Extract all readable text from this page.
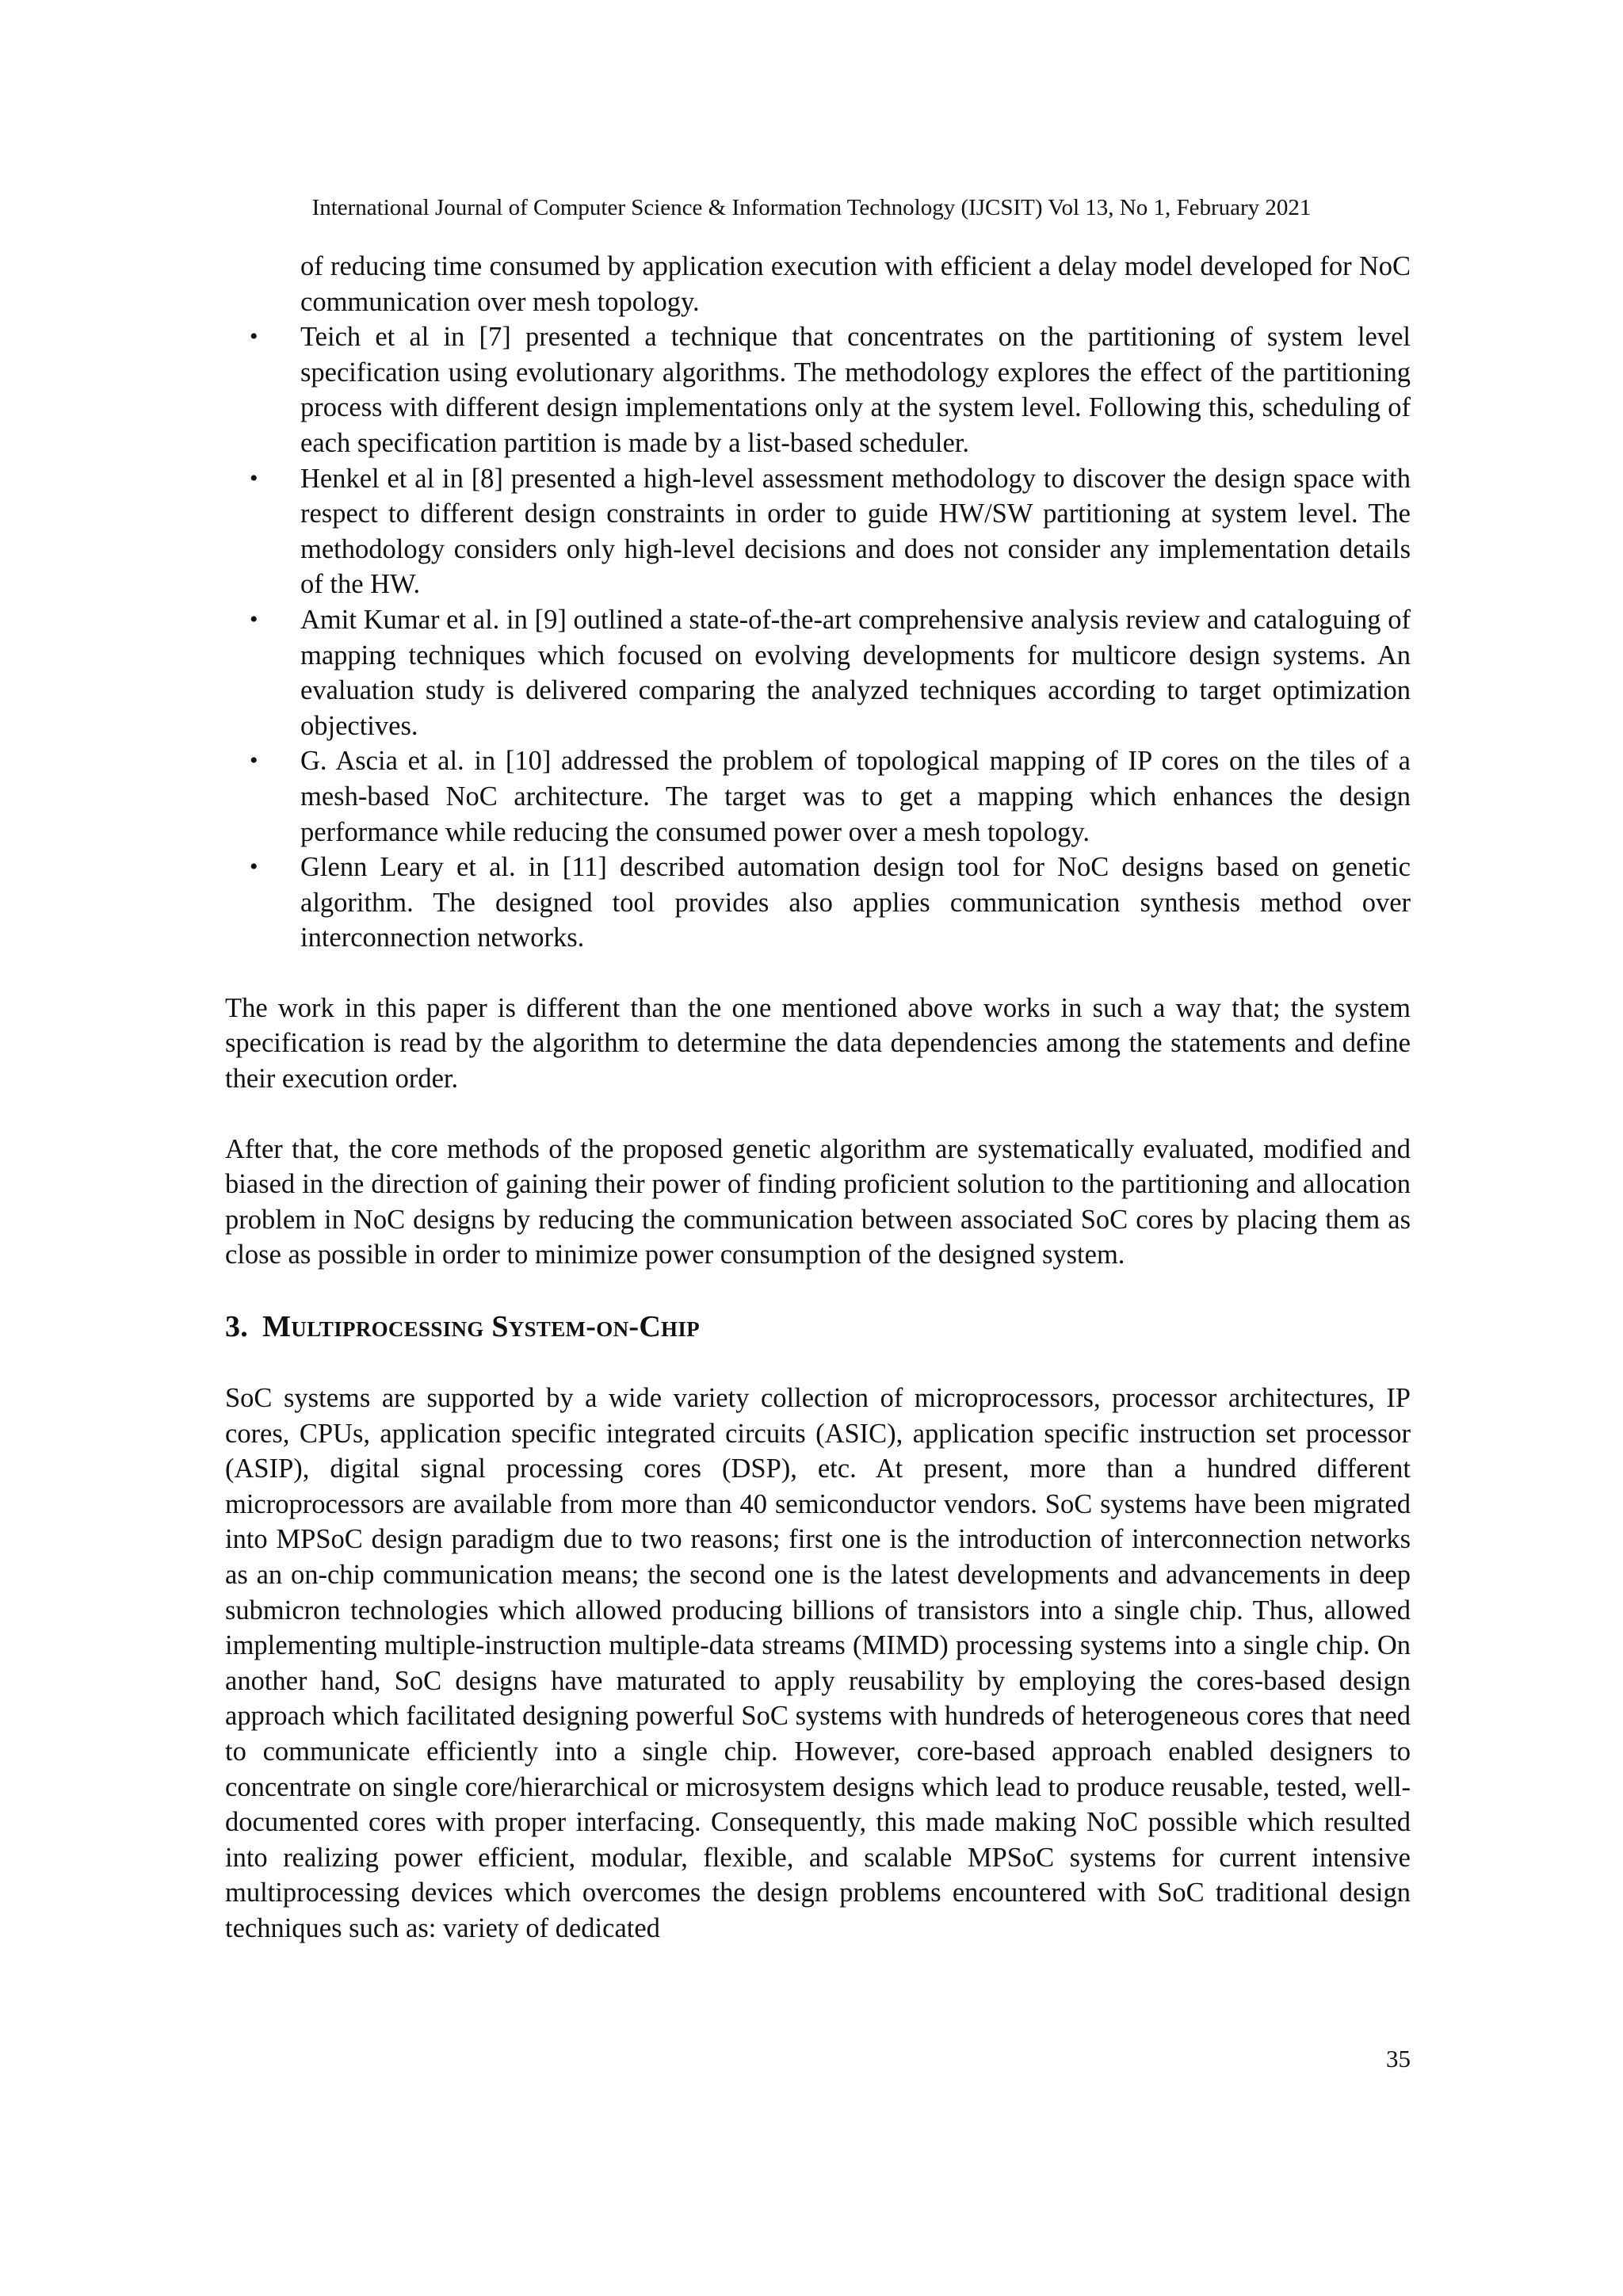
International Journal of Computer Science & Information Technology (IJCSIT) Vol 13, No 1, February 2021
of reducing time consumed by application execution with efficient a delay model developed for NoC communication over mesh topology.
• Teich et al in [7] presented a technique that concentrates on the partitioning of system level specification using evolutionary algorithms. The methodology explores the effect of the partitioning process with different design implementations only at the system level. Following this, scheduling of each specification partition is made by a list-based scheduler.
• Henkel et al in [8] presented a high-level assessment methodology to discover the design space with respect to different design constraints in order to guide HW/SW partitioning at system level. The methodology considers only high-level decisions and does not consider any implementation details of the HW.
• Amit Kumar et al. in [9] outlined a state-of-the-art comprehensive analysis review and cataloguing of mapping techniques which focused on evolving developments for multicore design systems. An evaluation study is delivered comparing the analyzed techniques according to target optimization objectives.
• G. Ascia et al. in [10] addressed the problem of topological mapping of IP cores on the tiles of a mesh-based NoC architecture. The target was to get a mapping which enhances the design performance while reducing the consumed power over a mesh topology.
• Glenn Leary et al. in [11] described automation design tool for NoC designs based on genetic algorithm. The designed tool provides also applies communication synthesis method over interconnection networks.

The work in this paper is different than the one mentioned above works in such a way that; the system specification is read by the algorithm to determine the data dependencies among the statements and define their execution order.

After that, the core methods of the proposed genetic algorithm are systematically evaluated, modified and biased in the direction of gaining their power of finding proficient solution to the partitioning and allocation problem in NoC designs by reducing the communication between associated SoC cores by placing them as close as possible in order to minimize power consumption of the designed system.

3. Multiprocessing System-on-Chip

SoC systems are supported by a wide variety collection of microprocessors, processor architectures, IP cores, CPUs, application specific integrated circuits (ASIC), application specific instruction set processor (ASIP), digital signal processing cores (DSP), etc. At present, more than a hundred different microprocessors are available from more than 40 semiconductor vendors. SoC systems have been migrated into MPSoC design paradigm due to two reasons; first one is the introduction of interconnection networks as an on-chip communication means; the second one is the latest developments and advancements in deep submicron technologies which allowed producing billions of transistors into a single chip. Thus, allowed implementing multiple-instruction multiple-data streams (MIMD) processing systems into a single chip. On another hand, SoC designs have maturated to apply reusability by employing the cores-based design approach which facilitated designing powerful SoC systems with hundreds of heterogeneous cores that need to communicate efficiently into a single chip. However, core-based approach enabled designers to concentrate on single core/hierarchical or microsystem designs which lead to produce reusable, tested, well-documented cores with proper interfacing. Consequently, this made making NoC possible which resulted into realizing power efficient, modular, flexible, and scalable MPSoC systems for current intensive multiprocessing devices which overcomes the design problems encountered with SoC traditional design techniques such as: variety of dedicated

35
